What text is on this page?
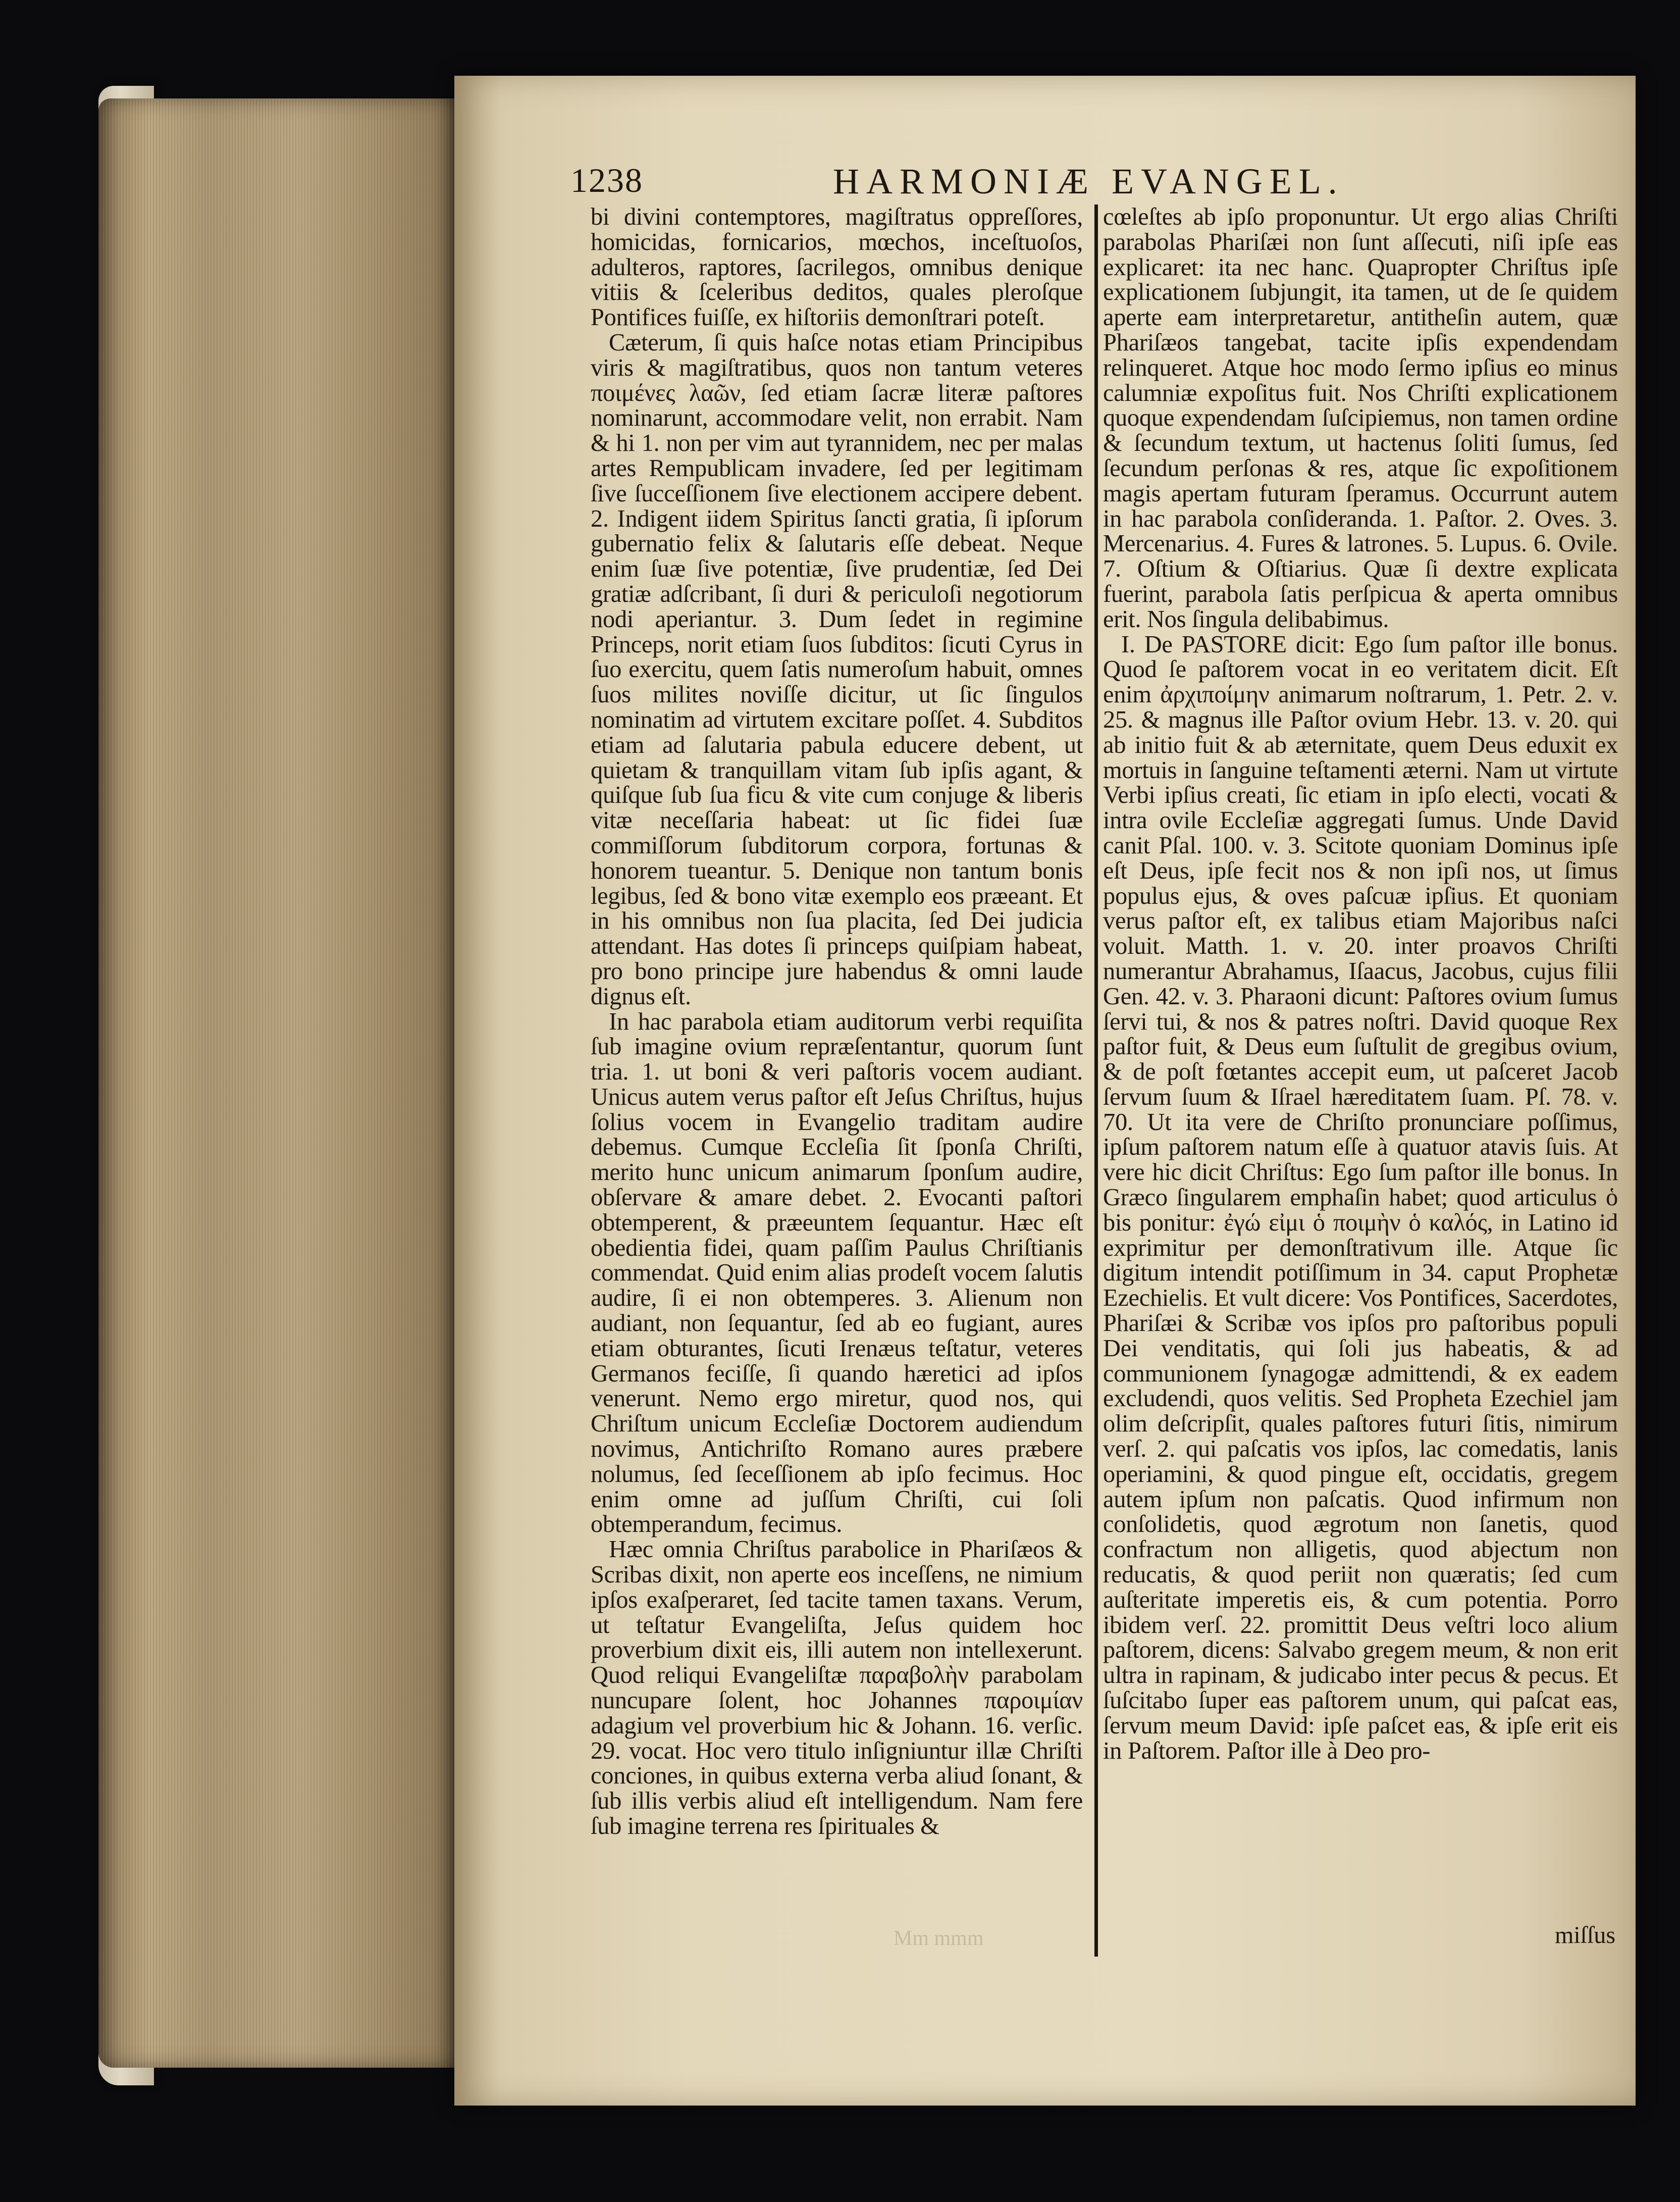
1238	HARMONIÆ EVANGEL.

bi divini contemptores, magiſtratus oppreſſores, homicidas, fornicarios, mœchos, inceſtuoſos, adulteros, raptores, ſacrilegos, omnibus denique vitiis & ſceleribus deditos, quales pleroſque Pontifices fuiſſe, ex hiſtoriis demonſtrari poteſt.

Cæterum, ſi quis haſce notas etiam Principibus viris & magiſtratibus, quos non tantum veteres ποιμένες λαῶν, ſed etiam ſacræ literæ paſtores nominarunt, accommodare velit, non errabit. Nam & hi 1. non per vim aut tyrannidem, nec per malas artes Rempublicam invadere, ſed per legitimam ſive ſucceſſionem ſive electionem accipere debent. 2. Indigent iidem Spiritus ſancti gratia, ſi ipſorum gubernatio felix & ſalutaris eſſe debeat. Neque enim ſuæ ſive potentiæ, ſive prudentiæ, ſed Dei gratiæ adſcribant, ſi duri & periculoſi negotiorum nodi aperiantur. 3. Dum ſedet in regimine Princeps, norit etiam ſuos ſubditos: ſicuti Cyrus in ſuo exercitu, quem ſatis numeroſum habuit, omnes ſuos milites noviſſe dicitur, ut ſic ſingulos nominatim ad virtutem excitare poſſet. 4. Subditos etiam ad ſalutaria pabula educere debent, ut quietam & tranquillam vitam ſub ipſis agant, & quiſque ſub ſua ficu & vite cum conjuge & liberis vitæ neceſſaria habeat: ut ſic fidei ſuæ commiſſorum ſubditorum corpora, fortunas & honorem tueantur. 5. Denique non tantum bonis legibus, ſed & bono vitæ exemplo eos præeant. Et in his omnibus non ſua placita, ſed Dei judicia attendant. Has dotes ſi princeps quiſpiam habeat, pro bono principe jure habendus & omni laude dignus eſt.

In hac parabola etiam auditorum verbi requiſita ſub imagine ovium repræſentantur, quorum ſunt tria. 1. ut boni & veri paſtoris vocem audiant. Unicus autem verus paſtor eſt Jeſus Chriſtus, hujus ſolius vocem in Evangelio traditam audire debemus. Cumque Eccleſia ſit ſponſa Chriſti, merito hunc unicum animarum ſponſum audire, obſervare & amare debet. 2. Evocanti paſtori obtemperent, & præeuntem ſequantur. Hæc eſt obedientia fidei, quam paſſim Paulus Chriſtianis commendat. Quid enim alias prodeſt vocem ſalutis audire, ſi ei non obtemperes. 3. Alienum non audiant, non ſequantur, ſed ab eo fugiant, aures etiam obturantes, ſicuti Irenæus teſtatur, veteres Germanos feciſſe, ſi quando hæretici ad ipſos venerunt. Nemo ergo miretur, quod nos, qui Chriſtum unicum Eccleſiæ Doctorem audiendum novimus, Antichriſto Romano aures præbere nolumus, ſed ſeceſſionem ab ipſo fecimus. Hoc enim omne ad juſſum Chriſti, cui ſoli obtemperandum, fecimus.

Hæc omnia Chriſtus parabolice in Phariſæos & Scribas dixit, non aperte eos inceſſens, ne nimium ipſos exaſperaret, ſed tacite tamen taxans. Verum, ut teſtatur Evangeliſta, Jeſus quidem hoc proverbium dixit eis, illi autem non intellexerunt. Quod reliqui Evangeliſtæ παραβολὴν parabolam nuncupare ſolent, hoc Johannes παροιμίαν adagium vel proverbium hic & Johann. 16. verſic. 29. vocat. Hoc vero titulo inſigniuntur illæ Chriſti conciones, in quibus externa verba aliud ſonant, & ſub illis verbis aliud eſt intelligendum. Nam fere ſub imagine terrena res ſpirituales &

cœleſtes ab ipſo proponuntur. Ut ergo alias Chriſti parabolas Phariſæi non ſunt aſſecuti, niſi ipſe eas explicaret: ita nec hanc. Quapropter Chriſtus ipſe explicationem ſubjungit, ita tamen, ut de ſe quidem aperte eam interpretaretur, antitheſin autem, quæ Phariſæos tangebat, tacite ipſis expendendam relinqueret. Atque hoc modo ſermo ipſius eo minus calumniæ expoſitus fuit. Nos Chriſti explicationem quoque expendendam ſuſcipiemus, non tamen ordine & ſecundum textum, ut hactenus ſoliti ſumus, ſed ſecundum perſonas & res, atque ſic expoſitionem magis apertam futuram ſperamus. Occurrunt autem in hac parabola conſideranda. 1. Paſtor. 2. Oves. 3. Mercenarius. 4. Fures & latrones. 5. Lupus. 6. Ovile. 7. Oſtium & Oſtiarius. Quæ ſi dextre explicata fuerint, parabola ſatis perſpicua & aperta omnibus erit. Nos ſingula delibabimus.

I. De PASTORE dicit: Ego ſum paſtor ille bonus. Quod ſe paſtorem vocat in eo veritatem dicit. Eſt enim ἀρχιποίμην animarum noſtrarum, 1. Petr. 2. v. 25. & magnus ille Paſtor ovium Hebr. 13. v. 20. qui ab initio fuit & ab æternitate, quem Deus eduxit ex mortuis in ſanguine teſtamenti æterni. Nam ut virtute Verbi ipſius creati, ſic etiam in ipſo electi, vocati & intra ovile Eccleſiæ aggregati ſumus. Unde David canit Pſal. 100. v. 3. Scitote quoniam Dominus ipſe eſt Deus, ipſe fecit nos & non ipſi nos, ut ſimus populus ejus, & oves paſcuæ ipſius. Et quoniam verus paſtor eſt, ex talibus etiam Majoribus naſci voluit. Matth. 1. v. 20. inter proavos Chriſti numerantur Abrahamus, Iſaacus, Jacobus, cujus filii Gen. 42. v. 3. Pharaoni dicunt: Paſtores ovium ſumus ſervi tui, & nos & patres noſtri. David quoque Rex paſtor fuit, & Deus eum ſuſtulit de gregibus ovium, & de poſt fœtantes accepit eum, ut paſceret Jacob ſervum ſuum & Iſrael hæreditatem ſuam. Pſ. 78. v. 70. Ut ita vere de Chriſto pronunciare poſſimus, ipſum paſtorem natum eſſe à quatuor atavis ſuis. At vere hic dicit Chriſtus: Ego ſum paſtor ille bonus. In Græco ſingularem emphaſin habet; quod articulus ὁ bis ponitur: ἐγώ εἰμι ὁ ποιμὴν ὁ καλός, in Latino id exprimitur per demonſtrativum ille. Atque ſic digitum intendit potiſſimum in 34. caput Prophetæ Ezechielis. Et vult dicere: Vos Pontifices, Sacerdotes, Phariſæi & Scribæ vos ipſos pro paſtoribus populi Dei venditatis, qui ſoli jus habeatis, & ad communionem ſynagogæ admittendi, & ex eadem excludendi, quos velitis. Sed Propheta Ezechiel jam olim deſcripſit, quales paſtores futuri ſitis, nimirum verſ. 2. qui paſcatis vos ipſos, lac comedatis, lanis operiamini, & quod pingue eſt, occidatis, gregem autem ipſum non paſcatis. Quod infirmum non conſolidetis, quod ægrotum non ſanetis, quod confractum non alligetis, quod abjectum non reducatis, & quod periit non quæratis; ſed cum auſteritate imperetis eis, & cum potentia. Porro ibidem verſ. 22. promittit Deus veſtri loco alium paſtorem, dicens: Salvabo gregem meum, & non erit ultra in rapinam, & judicabo inter pecus & pecus. Et ſuſcitabo ſuper eas paſtorem unum, qui paſcat eas, ſervum meum David: ipſe paſcet eas, & ipſe erit eis in Paſtorem. Paſtor ille à Deo pro-

Mm mmm	miſſus
